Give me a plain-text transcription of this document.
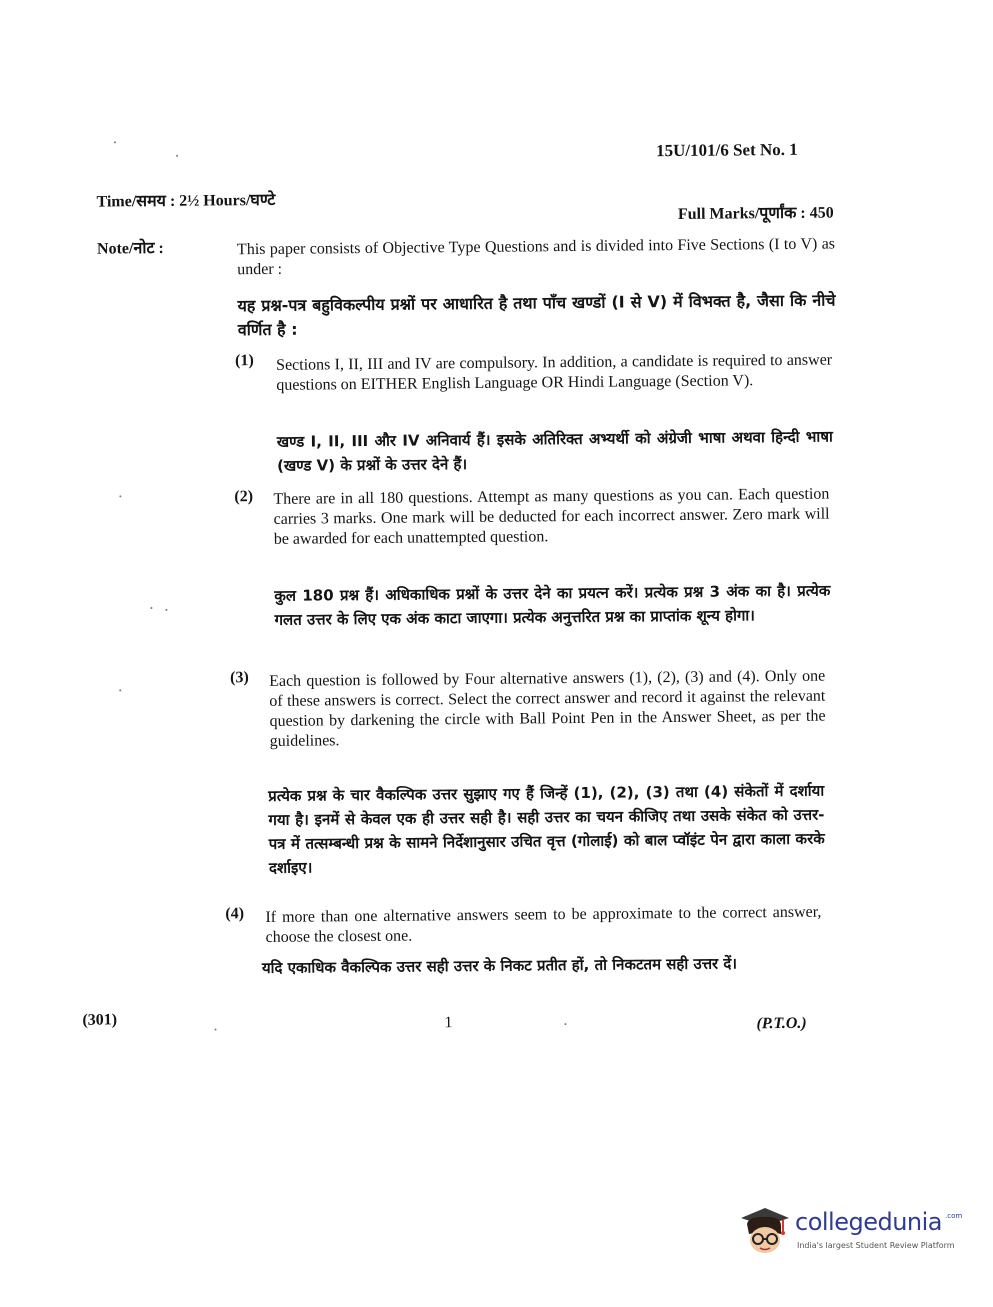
15U/101/6 Set No. 1
Time/समय : 2½ Hours/घण्टे
Full Marks/पूर्णांक : 450
Note/नोट :	This paper consists of Objective Type Questions and is divided into Five Sections (I to V) as under :
यह प्रश्न-पत्र बहुविकल्पीय प्रश्नों पर आधारित है तथा पाँच खण्डों (I से V) में विभक्त है, जैसा कि नीचे वर्णित है :
(1) Sections I, II, III and IV are compulsory. In addition, a candidate is required to answer questions on EITHER English Language OR Hindi Language (Section V).
खण्ड I, II, III और IV अनिवार्य हैं। इसके अतिरिक्त अभ्यर्थी को अंग्रेजी भाषा अथवा हिन्दी भाषा (खण्ड V) के प्रश्नों के उत्तर देने हैं।
(2) There are in all 180 questions. Attempt as many questions as you can. Each question carries 3 marks. One mark will be deducted for each incorrect answer. Zero mark will be awarded for each unattempted question.
कुल 180 प्रश्न हैं। अधिकाधिक प्रश्नों के उत्तर देने का प्रयत्न करें। प्रत्येक प्रश्न 3 अंक का है। प्रत्येक गलत उत्तर के लिए एक अंक काटा जाएगा। प्रत्येक अनुत्तरित प्रश्न का प्राप्तांक शून्य होगा।
(3) Each question is followed by Four alternative answers (1), (2), (3) and (4). Only one of these answers is correct. Select the correct answer and record it against the relevant question by darkening the circle with Ball Point Pen in the Answer Sheet, as per the guidelines.
प्रत्येक प्रश्न के चार वैकल्पिक उत्तर सुझाए गए हैं जिन्हें (1), (2), (3) तथा (4) संकेतों में दर्शाया गया है। इनमें से केवल एक ही उत्तर सही है। सही उत्तर का चयन कीजिए तथा उसके संकेत को उत्तर-पत्र में तत्सम्बन्धी प्रश्न के सामने निर्देशानुसार उचित वृत्त (गोलाई) को बाल प्वॉइंट पेन द्वारा काला करके दर्शाइए।
(4) If more than one alternative answers seem to be approximate to the correct answer, choose the closest one.
यदि एकाधिक वैकल्पिक उत्तर सही उत्तर के निकट प्रतीत हों, तो निकटतम सही उत्तर दें।
(301)	1	(P.T.O.)
collegedunia .com
India's largest Student Review Platform
